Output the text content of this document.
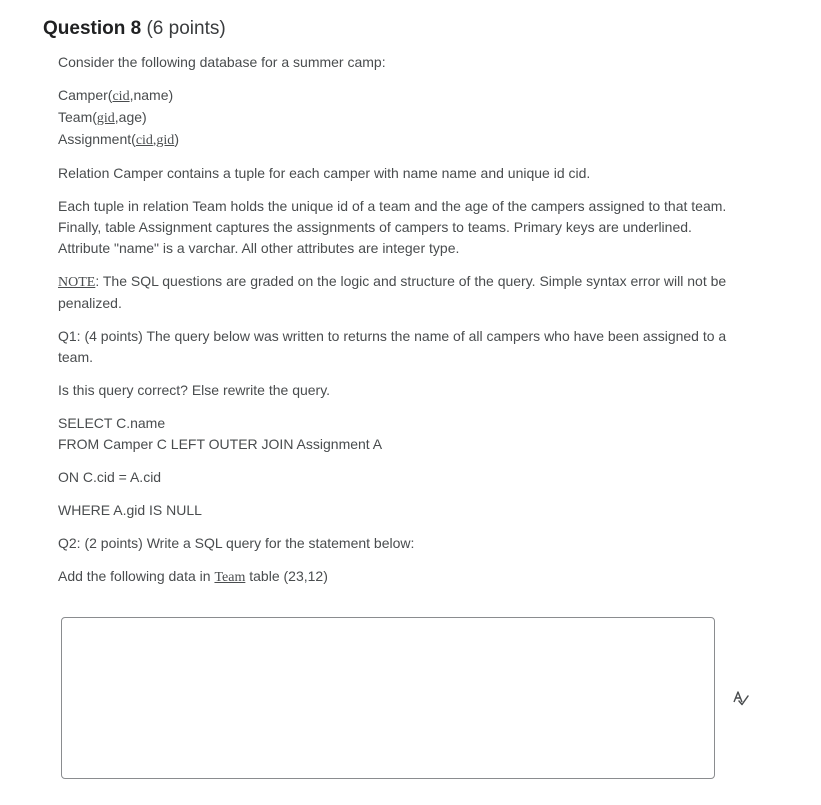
Question 8 (6 points)

Consider the following database for a summer camp:

Camper(cid,name)
Team(gid,age)
Assignment(cid,gid)

Relation Camper contains a tuple for each camper with name name and unique id cid.

Each tuple in relation Team holds the unique id of a team and the age of the campers assigned to that team. Finally, table Assignment captures the assignments of campers to teams. Primary keys are underlined. Attribute "name" is a varchar. All other attributes are integer type.

NOTE: The SQL questions are graded on the logic and structure of the query. Simple syntax error will not be penalized.

Q1: (4 points) The query below was written to returns the name of all campers who have been assigned to a team.

Is this query correct? Else rewrite the query.

SELECT C.name
FROM Camper C LEFT OUTER JOIN Assignment A

ON C.cid = A.cid

WHERE A.gid IS NULL

Q2: (2 points) Write a SQL query for the statement below:

Add the following data in Team table (23,12)
